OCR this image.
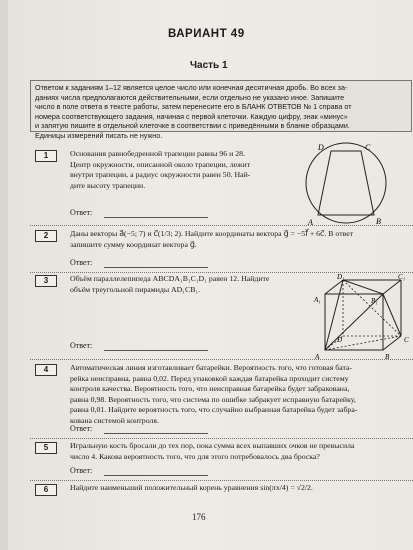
ВАРИАНТ 49
Часть 1
Ответом к заданиям 1–12 является целое число или конечная десятичная дробь. Во всех за-
даниях числа предполагаются действительными, если отдельно не указано иное. Запишите
число в поле ответа в тексте работы, затем перенесите его в БЛАНК ОТВЕТОВ № 1 справа от
номера соответствующего задания, начиная с первой клеточки. Каждую цифру, знак «минус»
и запятую пишите в отдельной клеточке в соответствии с приведёнными в бланке образцами.
Единицы измерений писать не нужно.
1	Основания равнобедренной трапеции равны 96 и 28.
Центр окружности, описанной около трапеции, лежит
внутри трапеции, а радиус окружности равен 50. Най-
дите высоту трапеции.
A	B
C
D
Ответ:
2	Даны векторы a⃗(−5; 7) и c⃗(1/3; 2). Найдите координаты вектора g⃗ = −5f⃗ + 6c⃗. В ответ
запишите сумму координат вектора g⃗.
Ответ:
3	Объём параллелепипеда ABCDA₁B₁C₁D₁ равен 12. Найдите
объём треугольной пирамиды AD₁CB₁.
A	B
C
A₁	B₁
D₁	C₁
D
Ответ:
4	Автоматическая линия изготавливает батарейки. Вероятность того, что готовая бата-
рейка неисправна, равна 0,02. Перед упаковкой каждая батарейка проходит систему
контроля качества. Вероятность того, что неисправная батарейка будет забракована,
равна 0,98. Вероятность того, что система по ошибке забракует исправную батарейку,
равна 0,01. Найдите вероятность того, что случайно выбранная батарейка будет забра-
кована системой контроля.
Ответ:
5	Игральную кость бросали до тех пор, пока сумма всех выпавших очков не превысила
число 4. Какова вероятность того, что для этого потребовалось два броска?
Ответ:
6	Найдите наименьший положительный корень уравнения sin(πx/4) = √2/2.
176
